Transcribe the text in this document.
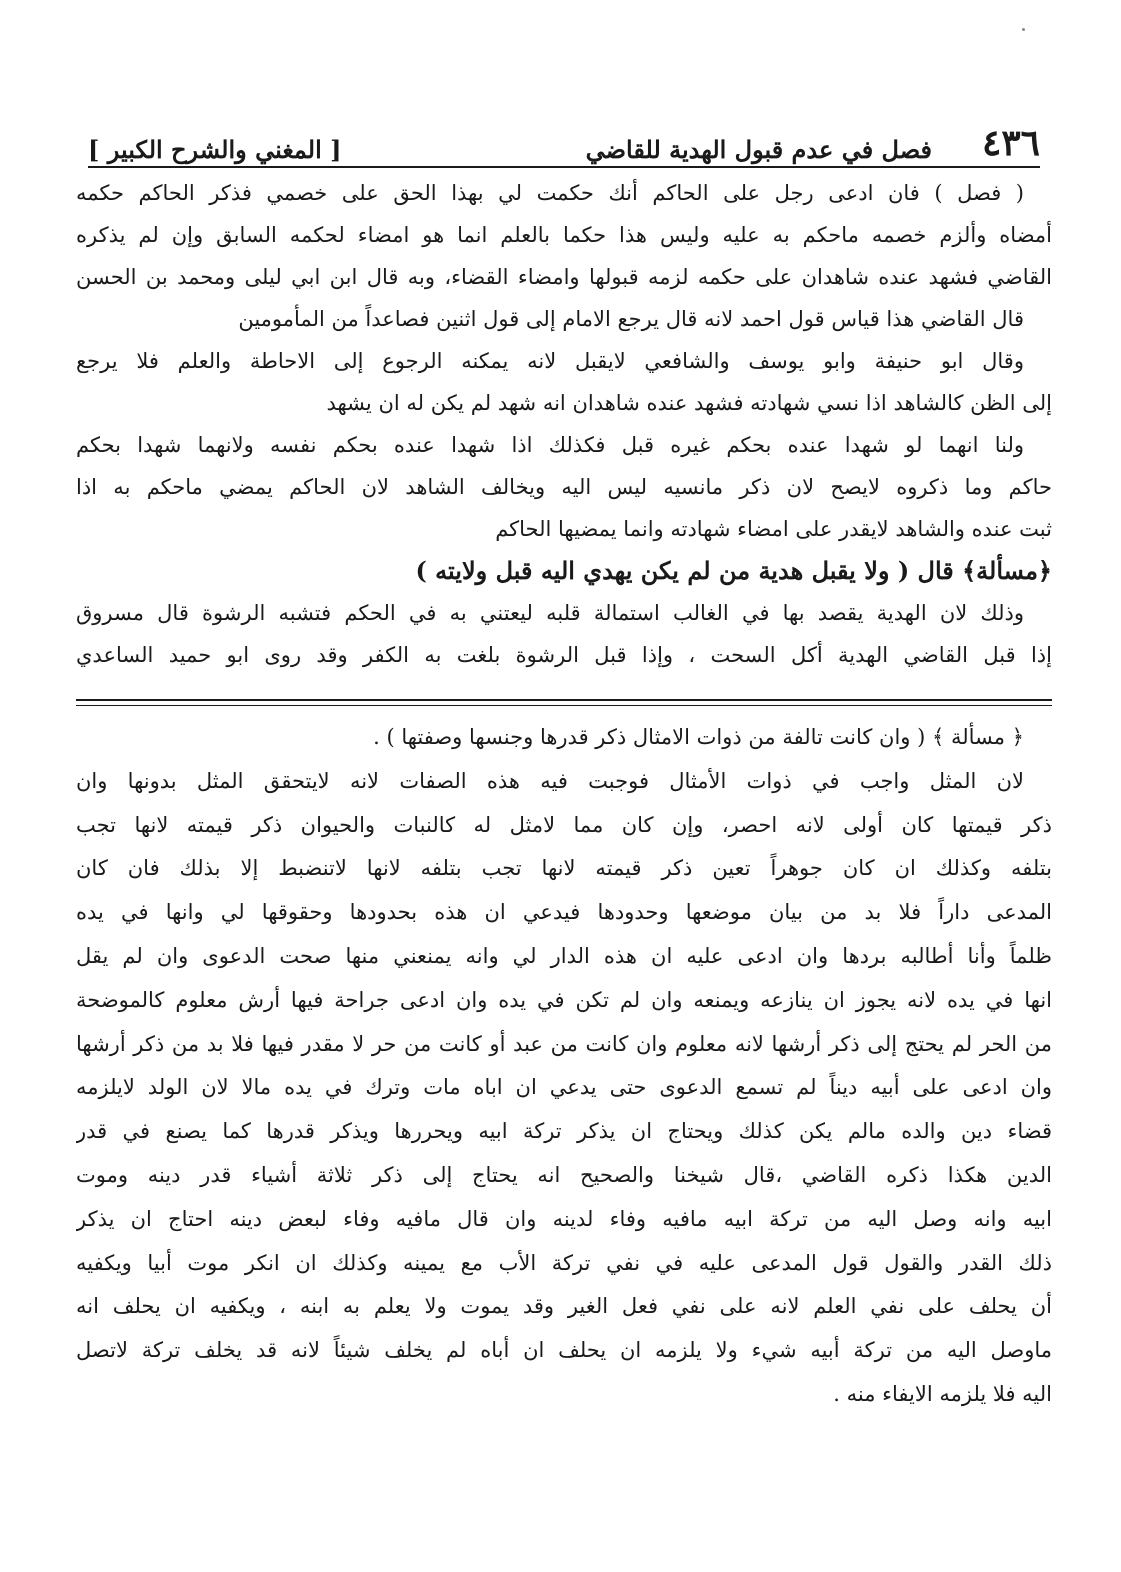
٤٣٦
فصل في عدم قبول الهدية للقاضي
[ المغني والشرح الكبير ]
( فصل ) فان ادعى رجل على الحاكم أنك حكمت لي بهذا الحق على خصمي فذكر الحاكم حكمه
أمضاه وألزم خصمه ماحكم به عليه وليس هذا حكما بالعلم انما هو امضاء لحكمه السابق وإن لم يذكره
القاضي فشهد عنده شاهدان على حكمه لزمه قبولها وامضاء القضاء، وبه قال ابن ابي ليلى ومحمد بن الحسن
قال القاضي هذا قياس قول احمد لانه قال يرجع الامام إلى قول اثنين فصاعداً من المأمومين
وقال ابو حنيفة وابو يوسف والشافعي لايقبل لانه يمكنه الرجوع إلى الاحاطة والعلم فلا يرجع
إلى الظن كالشاهد اذا نسي شهادته فشهد عنده شاهدان انه شهد لم يكن له ان يشهد
ولنا انهما لو شهدا عنده بحكم غيره قبل فكذلك اذا شهدا عنده بحكم نفسه ولانهما شهدا بحكم
حاكم وما ذكروه لايصح لان ذكر مانسيه ليس اليه ويخالف الشاهد لان الحاكم يمضي ماحكم به اذا
ثبت عنده والشاهد لايقدر على امضاء شهادته وانما يمضيها الحاكم
﴿مسألة﴾ قال ( ولا يقبل هدية من لم يكن يهدي اليه قبل ولايته )
وذلك لان الهدية يقصد بها في الغالب استمالة قلبه ليعتني به في الحكم فتشبه الرشوة قال مسروق
إذا قبل القاضي الهدية أكل السحت ، وإذا قبل الرشوة بلغت به الكفر وقد روى ابو حميد الساعدي
﴿ مسألة ﴾ ( وان كانت تالفة من ذوات الامثال ذكر قدرها وجنسها وصفتها ) .
لان المثل واجب في ذوات الأمثال فوجبت فيه هذه الصفات لانه لايتحقق المثل بدونها وان
ذكر قيمتها كان أولى لانه احصر، وإن كان مما لامثل له كالنبات والحيوان ذكر قيمته لانها تجب
بتلفه وكذلك ان كان جوهراً تعين ذكر قيمته لانها تجب بتلفه لانها لاتنضبط إلا بذلك فان كان
المدعى داراً فلا بد من بيان موضعها وحدودها فيدعي ان هذه بحدودها وحقوقها لي وانها في يده
ظلماً وأنا أطالبه بردها وان ادعى عليه ان هذه الدار لي وانه يمنعني منها صحت الدعوى وان لم يقل
انها في يده لانه يجوز ان ينازعه ويمنعه وان لم تكن في يده وان ادعى جراحة فيها أرش معلوم كالموضحة
من الحر لم يحتج إلى ذكر أرشها لانه معلوم وان كانت من عبد أو كانت من حر لا مقدر فيها فلا بد من ذكر أرشها
وان ادعى على أبيه ديناً لم تسمع الدعوى حتى يدعي ان اباه مات وترك في يده مالا لان الولد لايلزمه
قضاء دين والده مالم يكن كذلك ويحتاج ان يذكر تركة ابيه ويحررها ويذكر قدرها كما يصنع في قدر
الدين هكذا ذكره القاضي ،قال شيخنا والصحيح انه يحتاج إلى ذكر ثلاثة أشياء قدر دينه وموت
ابيه وانه وصل اليه من تركة ابيه مافيه وفاء لدينه وان قال مافيه وفاء لبعض دينه احتاج ان يذكر
ذلك القدر والقول قول المدعى عليه في نفي تركة الأب مع يمينه وكذلك ان انكر موت أبيا ويكفيه
أن يحلف على نفي العلم لانه على نفي فعل الغير وقد يموت ولا يعلم به ابنه ، ويكفيه ان يحلف انه
ماوصل اليه من تركة أبيه شيء ولا يلزمه ان يحلف ان أباه لم يخلف شيئاً لانه قد يخلف تركة لاتصل
اليه فلا يلزمه الايفاء منه .
